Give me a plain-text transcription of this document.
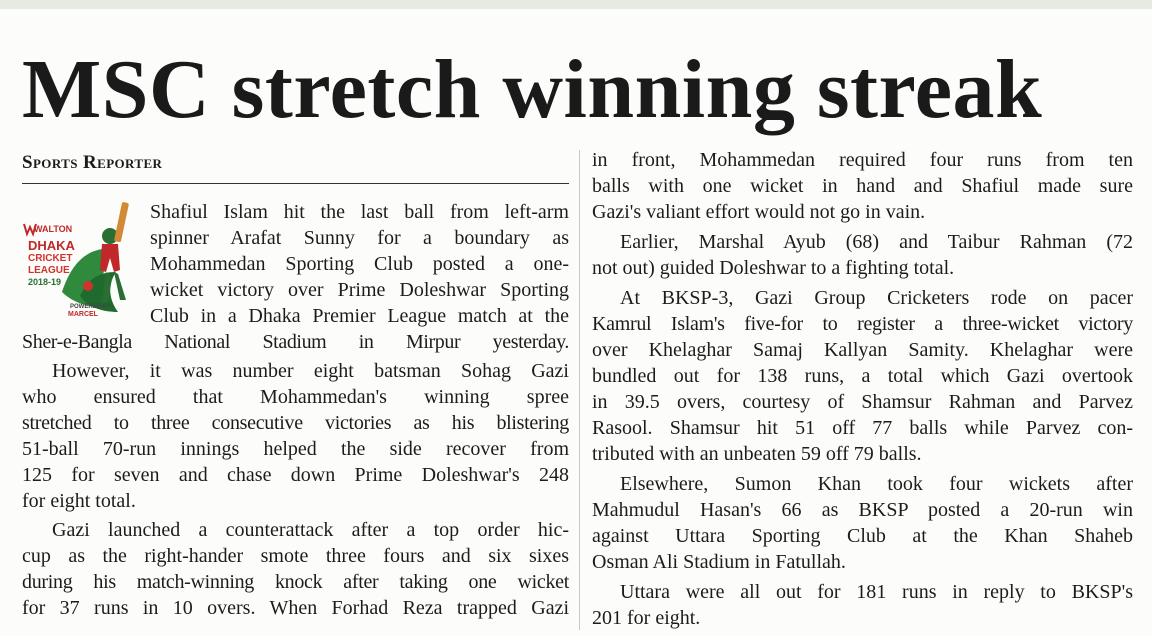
MSC stretch winning streak
Sports Reporter
WALTON
DHAKA
CRICKET
LEAGUE
2018-19
POWERED BY
MARCEL

Shafiul Islam hit the last ball from left-arm

spinner Arafat Sunny for a boundary as

Mohammedan Sporting Club posted a one-

wicket victory over Prime Doleshwar Sporting

Club in a Dhaka Premier League match at the

Sher-e-Bangla National Stadium in Mirpur yesterday.

However, it was number eight batsman Sohag Gazi

who ensured that Mohammedan's winning spree

stretched to three consecutive victories as his blistering

51-ball 70-run innings helped the side recover from

125 for seven and chase down Prime Doleshwar's 248

for eight total.

Gazi launched a counterattack after a top order hic-

cup as the right-hander smote three fours and six sixes

during his match-winning knock after taking one wicket

for 37 runs in 10 overs. When Forhad Reza trapped Gazi

in front, Mohammedan required four runs from ten

balls with one wicket in hand and Shafiul made sure

Gazi's valiant effort would not go in vain.

Earlier, Marshal Ayub (68) and Taibur Rahman (72

not out) guided Doleshwar to a fighting total.

At BKSP-3, Gazi Group Cricketers rode on pacer

Kamrul Islam's five-for to register a three-wicket victory

over Khelaghar Samaj Kallyan Samity. Khelaghar were

bundled out for 138 runs, a total which Gazi overtook

in 39.5 overs, courtesy of Shamsur Rahman and Parvez

Rasool. Shamsur hit 51 off 77 balls while Parvez con-

tributed with an unbeaten 59 off 79 balls.

Elsewhere, Sumon Khan took four wickets after

Mahmudul Hasan's 66 as BKSP posted a 20-run win

against Uttara Sporting Club at the Khan Shaheb

Osman Ali Stadium in Fatullah.

Uttara were all out for 181 runs in reply to BKSP's

201 for eight.
